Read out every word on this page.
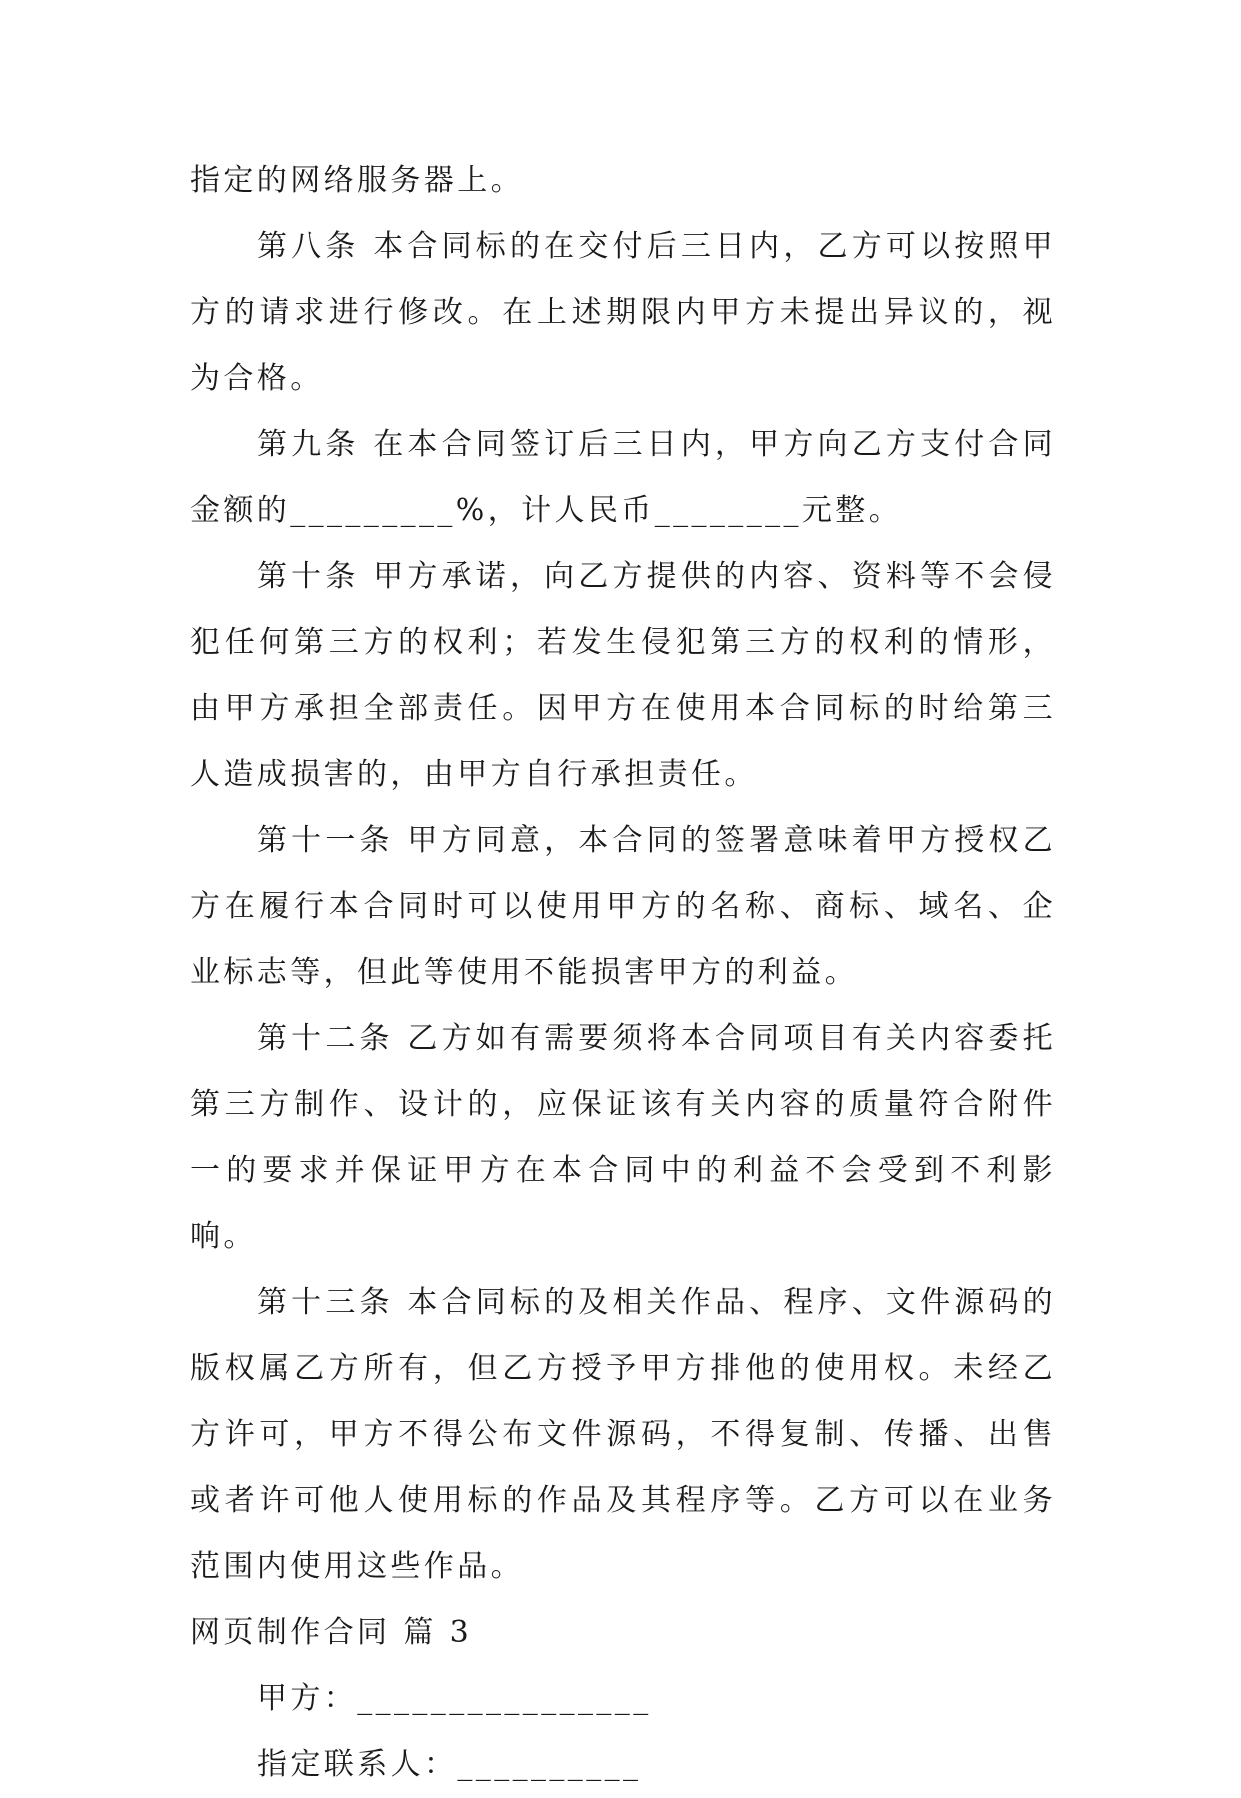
指定的网络服务器上。

第八条 本合同标的在交付后三日内，乙方可以按照甲方的请求进行修改。在上述期限内甲方未提出异议的，视为合格。

第九条 在本合同签订后三日内，甲方向乙方支付合同金额的_________%，计人民币________元整。

第十条 甲方承诺，向乙方提供的内容、资料等不会侵犯任何第三方的权利；若发生侵犯第三方的权利的情形，由甲方承担全部责任。因甲方在使用本合同标的时给第三人造成损害的，由甲方自行承担责任。

第十一条 甲方同意，本合同的签署意味着甲方授权乙方在履行本合同时可以使用甲方的名称、商标、域名、企业标志等，但此等使用不能损害甲方的利益。

第十二条 乙方如有需要须将本合同项目有关内容委托第三方制作、设计的，应保证该有关内容的质量符合附件一的要求并保证甲方在本合同中的利益不会受到不利影响。

第十三条 本合同标的及相关作品、程序、文件源码的版权属乙方所有，但乙方授予甲方排他的使用权。未经乙方许可，甲方不得公布文件源码，不得复制、传播、出售或者许可他人使用标的作品及其程序等。乙方可以在业务范围内使用这些作品。

网页制作合同 篇 3

甲方：________________

指定联系人：__________
